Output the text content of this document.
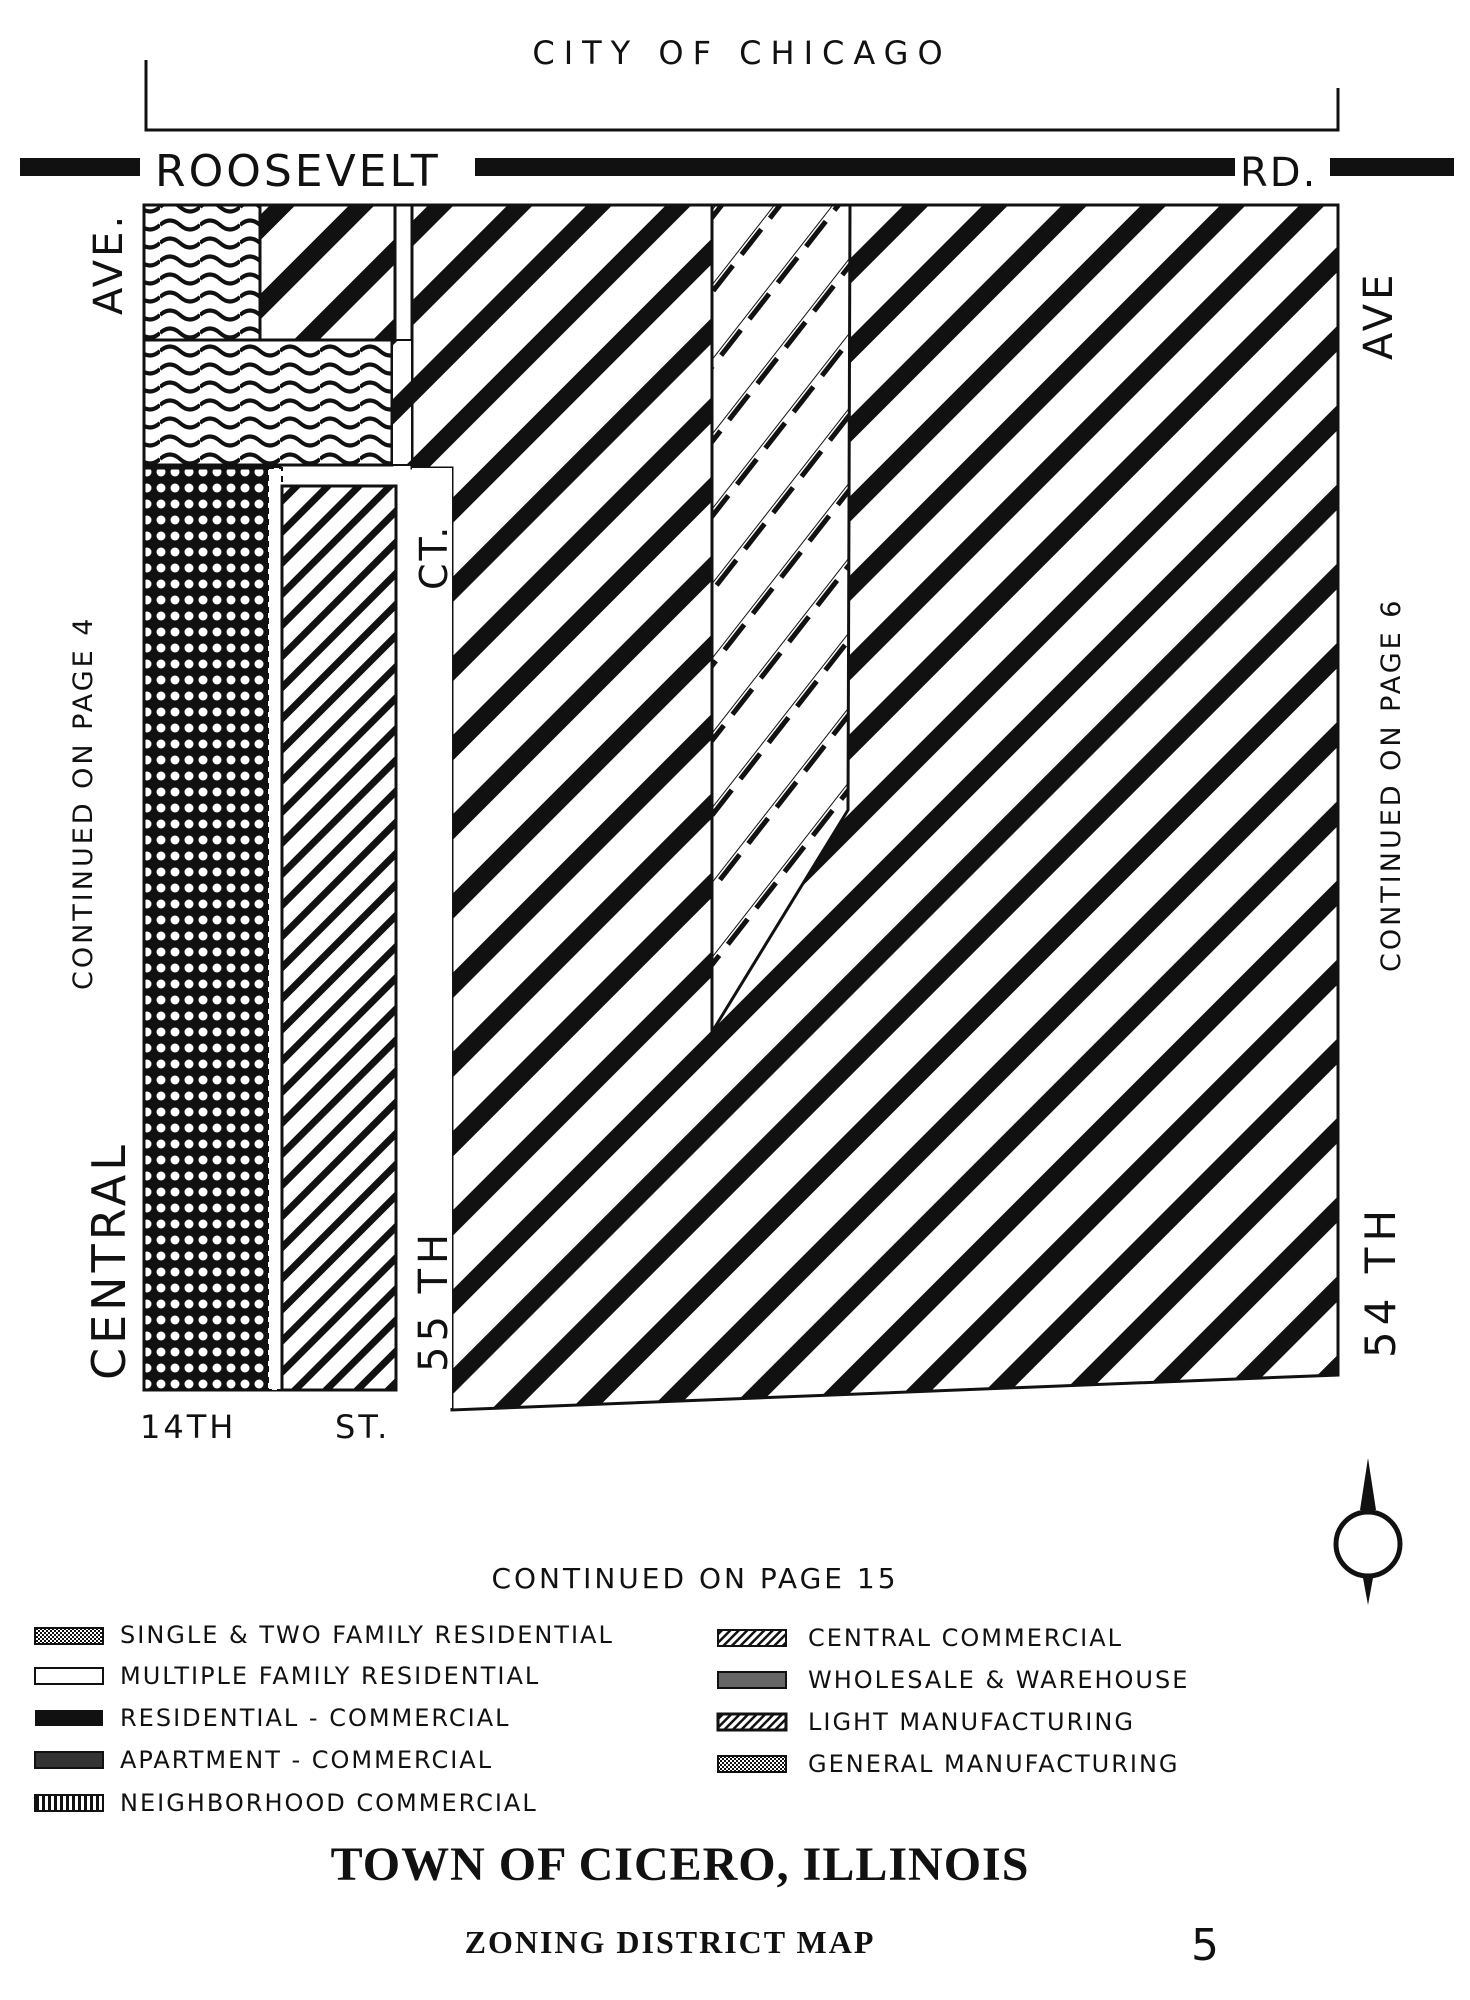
CITY OF CHICAGO
ROOSEVELT	RD.
AVE.
CENTRAL
AVE
CT.
55 TH	54 TH
14TH	ST.
CONTINUED ON PAGE 4	CONTINUED ON PAGE 6
CONTINUED ON PAGE 15
SINGLE & TWO FAMILY RESIDENTIAL
MULTIPLE FAMILY RESIDENTIAL
RESIDENTIAL - COMMERCIAL
APARTMENT - COMMERCIAL
NEIGHBORHOOD COMMERCIAL
CENTRAL COMMERCIAL
WHOLESALE & WAREHOUSE
LIGHT MANUFACTURING
GENERAL MANUFACTURING
TOWN OF CICERO, ILLINOIS
ZONING DISTRICT MAP	5
